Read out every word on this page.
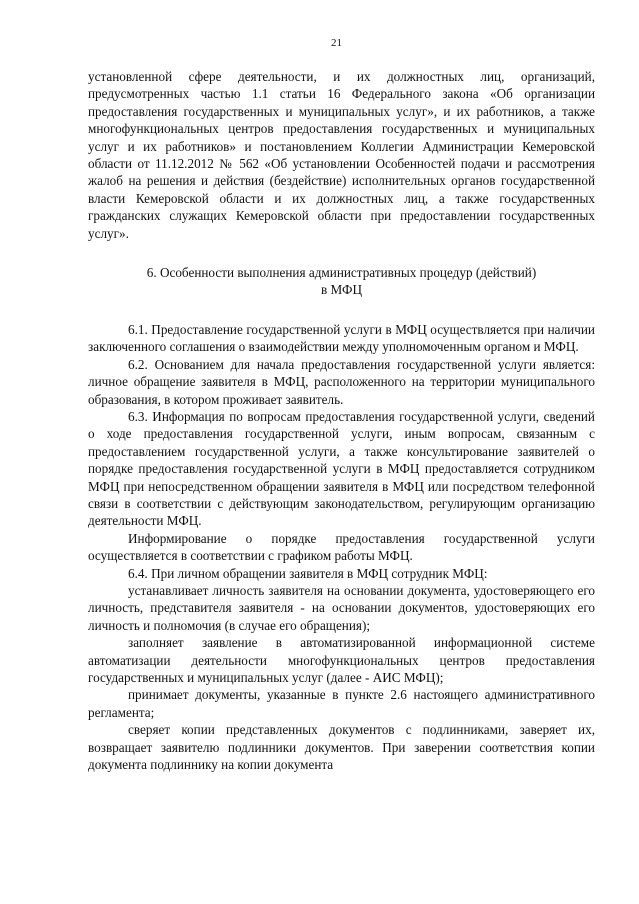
21

установленной сфере деятельности, и их должностных лиц, организаций, предусмотренных частью 1.1 статьи 16 Федерального закона «Об организации предоставления государственных и муниципальных услуг», и их работников, а также многофункциональных центров предоставления государственных и муниципальных услуг и их работников» и постановлением Коллегии Администрации Кемеровской области от 11.12.2012 № 562 «Об установлении Особенностей подачи и рассмотрения жалоб на решения и действия (бездействие) исполнительных органов государственной власти Кемеровской области и их должностных лиц, а также государственных гражданских служащих Кемеровской области при предоставлении государственных услуг».

6. Особенности выполнения административных процедур (действий)
в МФЦ

6.1. Предоставление государственной услуги в МФЦ осуществляется при наличии заключенного соглашения о взаимодействии между уполномоченным органом и МФЦ.

6.2. Основанием для начала предоставления государственной услуги является: личное обращение заявителя в МФЦ, расположенного на территории муниципального образования, в котором проживает заявитель.

6.3. Информация по вопросам предоставления государственной услуги, сведений о ходе предоставления государственной услуги, иным вопросам, связанным с предоставлением государственной услуги, а также консультирование заявителей о порядке предоставления государственной услуги в МФЦ предоставляется сотрудником МФЦ при непосредственном обращении заявителя в МФЦ или посредством телефонной связи в соответствии с действующим законодательством, регулирующим организацию деятельности МФЦ.

Информирование о порядке предоставления государственной услуги осуществляется в соответствии с графиком работы МФЦ.

6.4. При личном обращении заявителя в МФЦ сотрудник МФЦ:

устанавливает личность заявителя на основании документа, удостоверяющего его личность, представителя заявителя - на основании документов, удостоверяющих его личность и полномочия (в случае его обращения);

заполняет заявление в автоматизированной информационной системе автоматизации деятельности многофункциональных центров предоставления государственных и муниципальных услуг (далее - АИС МФЦ);

принимает документы, указанные в пункте 2.6 настоящего административного регламента;

сверяет копии представленных документов с подлинниками, заверяет их, возвращает заявителю подлинники документов. При заверении соответствия копии документа подлиннику на копии документа
